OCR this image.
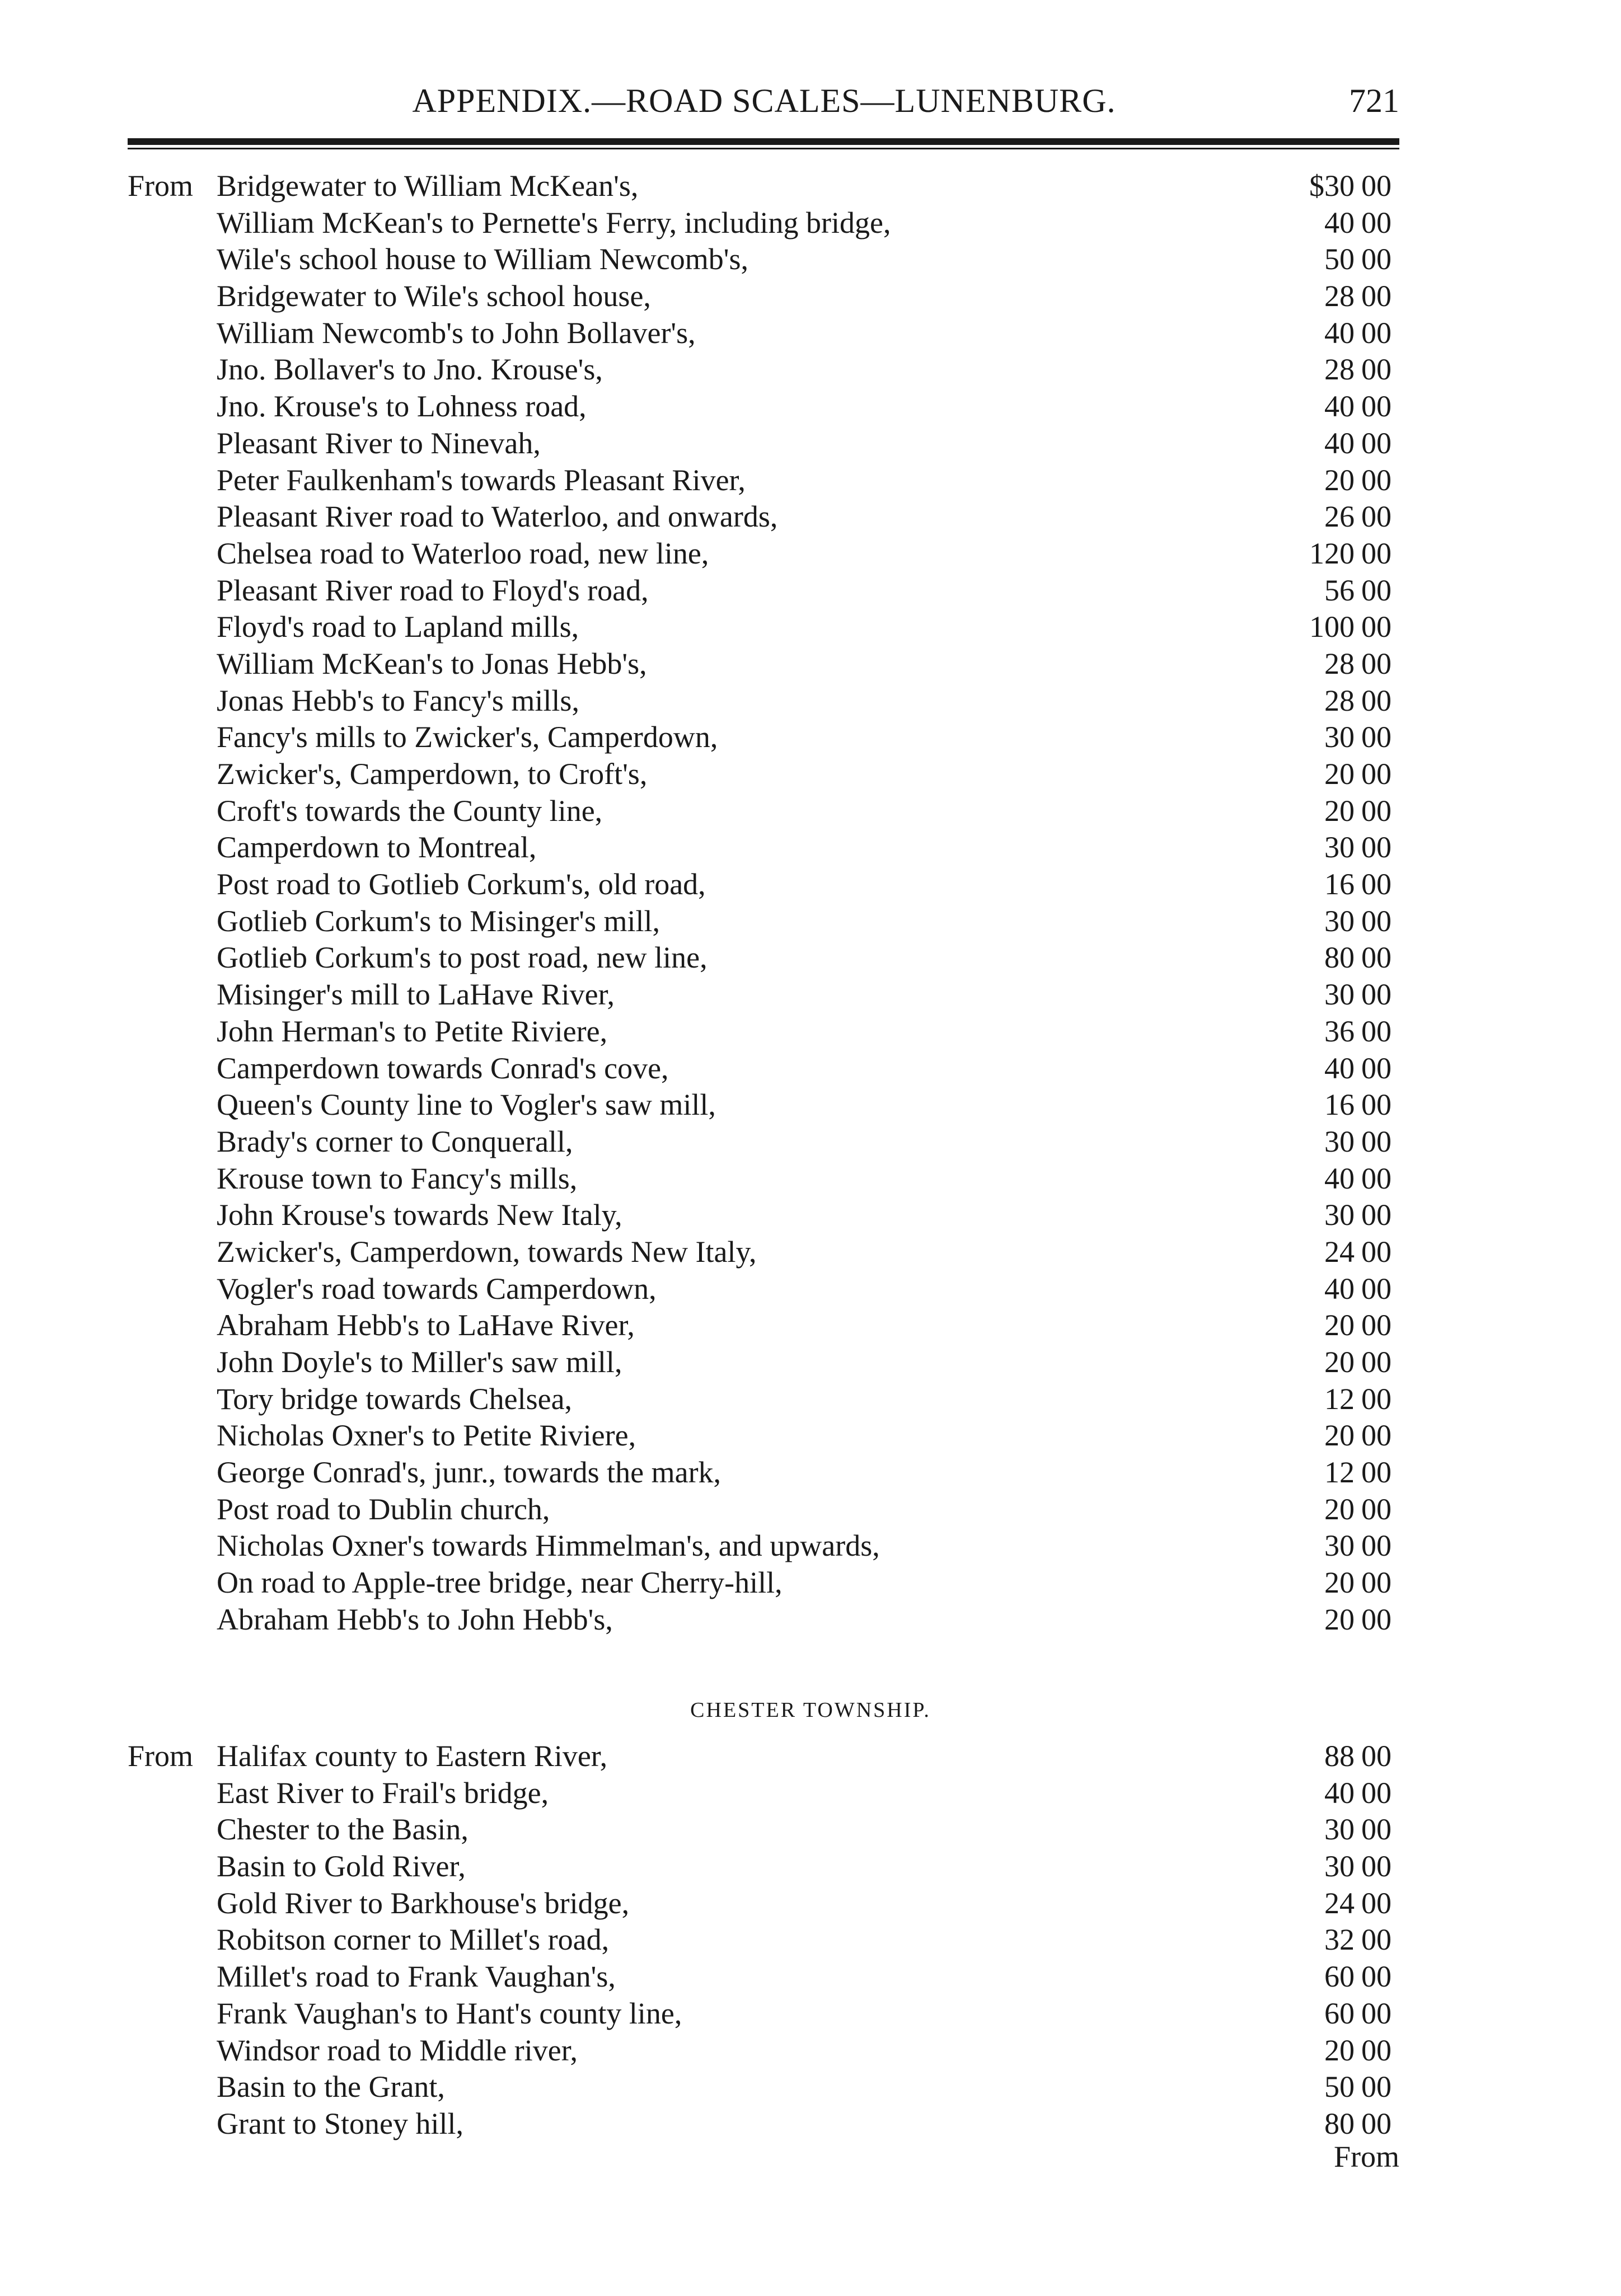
APPENDIX.—ROAD SCALES—LUNENBURG.	721
From Bridgewater to William McKean's,	$30 00
William McKean's to Pernette's Ferry, including bridge,	40 00
Wile's school house to William Newcomb's,	50 00
Bridgewater to Wile's school house,	28 00
William Newcomb's to John Bollaver's,	40 00
Jno. Bollaver's to Jno. Krouse's,	28 00
Jno. Krouse's to Lohness road,	40 00
Pleasant River to Ninevah,	40 00
Peter Faulkenham's towards Pleasant River,	20 00
Pleasant River road to Waterloo, and onwards,	26 00
Chelsea road to Waterloo road, new line,	120 00
Pleasant River road to Floyd's road,	56 00
Floyd's road to Lapland mills,	100 00
William McKean's to Jonas Hebb's,	28 00
Jonas Hebb's to Fancy's mills,	28 00
Fancy's mills to Zwicker's, Camperdown,	30 00
Zwicker's, Camperdown, to Croft's,	20 00
Croft's towards the County line,	20 00
Camperdown to Montreal,	30 00
Post road to Gotlieb Corkum's, old road,	16 00
Gotlieb Corkum's to Misinger's mill,	30 00
Gotlieb Corkum's to post road, new line,	80 00
Misinger's mill to LaHave River,	30 00
John Herman's to Petite Riviere,	36 00
Camperdown towards Conrad's cove,	40 00
Queen's County line to Vogler's saw mill,	16 00
Brady's corner to Conquerall,	30 00
Krouse town to Fancy's mills,	40 00
John Krouse's towards New Italy,	30 00
Zwicker's, Camperdown, towards New Italy,	24 00
Vogler's road towards Camperdown,	40 00
Abraham Hebb's to LaHave River,	20 00
John Doyle's to Miller's saw mill,	20 00
Tory bridge towards Chelsea,	12 00
Nicholas Oxner's to Petite Riviere,	20 00
George Conrad's, junr., towards the mark,	12 00
Post road to Dublin church,	20 00
Nicholas Oxner's towards Himmelman's, and upwards,	30 00
On road to Apple-tree bridge, near Cherry-hill,	20 00
Abraham Hebb's to John Hebb's,	20 00
CHESTER TOWNSHIP.
From Halifax county to Eastern River,	88 00
East River to Frail's bridge,	40 00
Chester to the Basin,	30 00
Basin to Gold River,	30 00
Gold River to Barkhouse's bridge,	24 00
Robitson corner to Millet's road,	32 00
Millet's road to Frank Vaughan's,	60 00
Frank Vaughan's to Hant's county line,	60 00
Windsor road to Middle river,	20 00
Basin to the Grant,	50 00
Grant to Stoney hill,	80 00
From
